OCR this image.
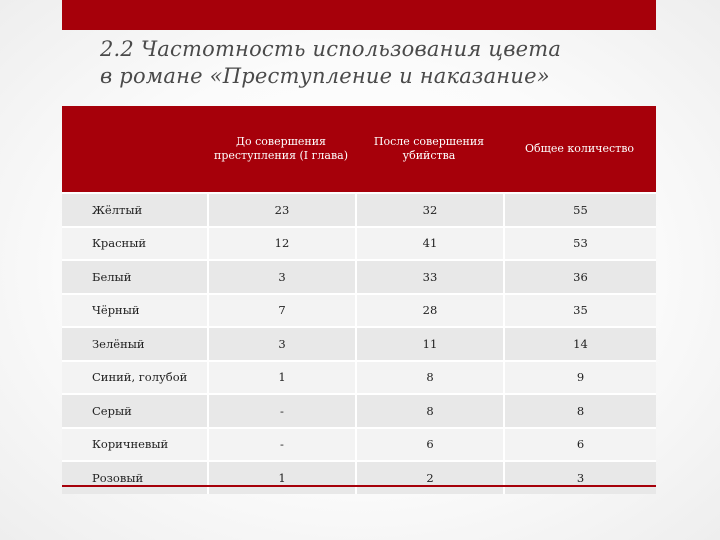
2.2 Частотность использования цвета
в романе «Преступление и наказание»
	До совершения преступления (I глава)	После совершения убийства	Общее количество
Жёлтый	23	32	55
Красный	12	41	53
Белый	3	33	36
Чёрный	7	28	35
Зелёный	3	11	14
Синий, голубой	1	8	9
Серый	-	8	8
Коричневый	-	6	6
Розовый	1	2	3
